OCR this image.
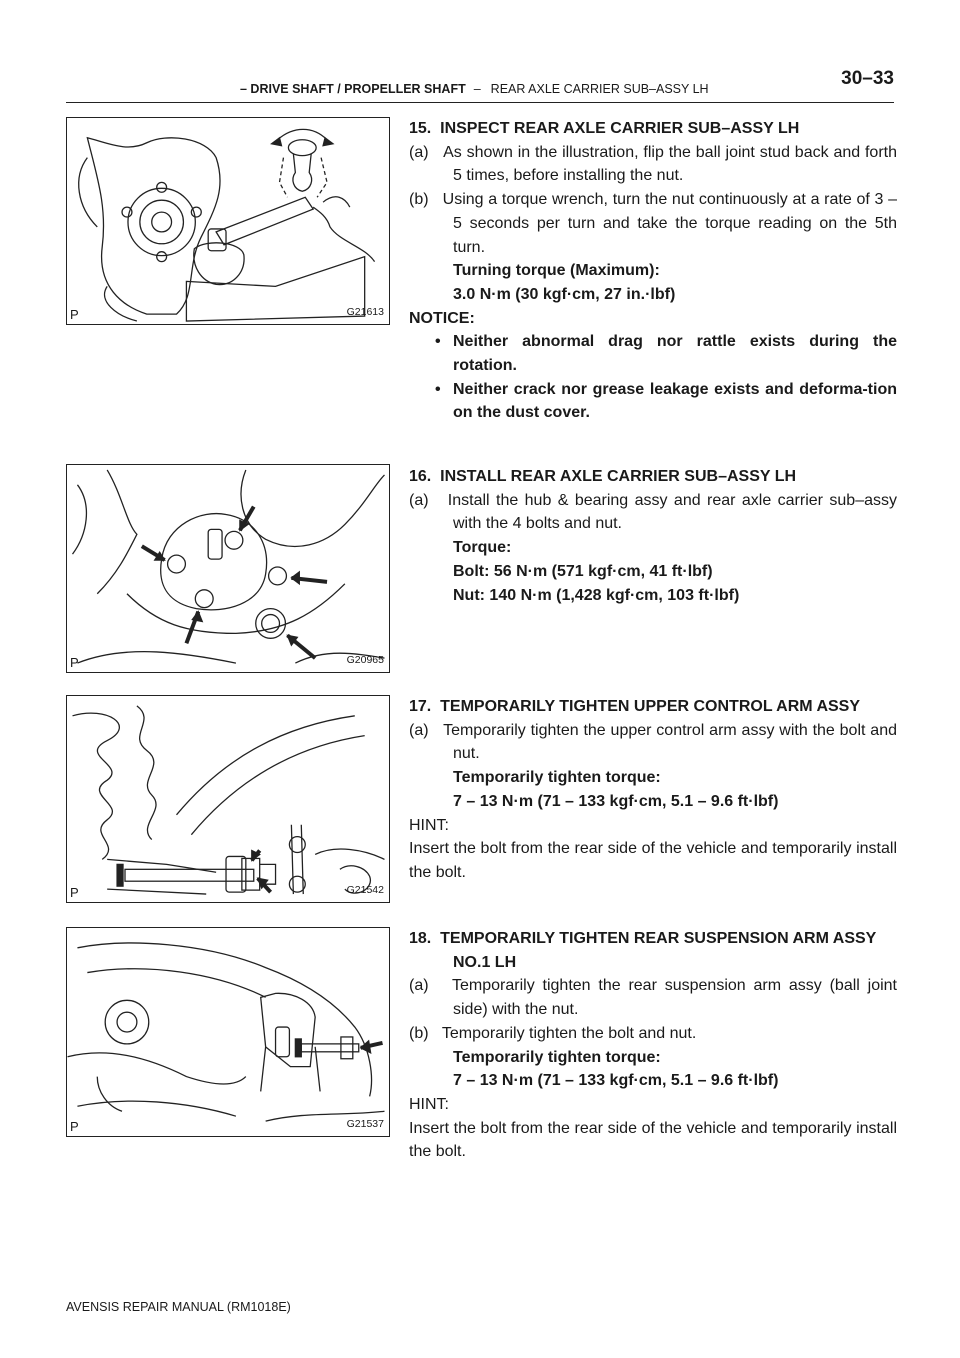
– DRIVE SHAFT / PROPELLER SHAFT – REAR AXLE CARRIER SUB–ASSY LH	30–33
P	G21613
P	G20965
P	G21542
P	G21537

15.  INSPECT REAR AXLE CARRIER SUB–ASSY LH

(a)   As shown in the illustration, flip the ball joint stud back and forth 5 times, before installing the nut.

(b)   Using a torque wrench, turn the nut continuously at a rate of 3 – 5 seconds per turn and take the torque reading on the 5th turn.

Turning torque (Maximum):

3.0 N·m (30 kgf·cm, 27 in.·lbf)

NOTICE:

• Neither abnormal drag nor rattle exists during the rotation.

• Neither crack nor grease leakage exists and deforma-tion on the dust cover.

16.  INSTALL REAR AXLE CARRIER SUB–ASSY LH

(a)   Install the hub & bearing assy and rear axle carrier sub–assy with the 4 bolts and nut.

Torque:

Bolt: 56 N·m (571 kgf·cm, 41 ft·lbf)

Nut: 140 N·m (1,428 kgf·cm, 103 ft·lbf)

17.  TEMPORARILY TIGHTEN UPPER CONTROL ARM ASSY

(a)   Temporarily tighten the upper control arm assy with the bolt and nut.

Temporarily tighten torque:

7 – 13 N·m (71 – 133 kgf·cm, 5.1 – 9.6 ft·lbf)

HINT:

Insert the bolt from the rear side of the vehicle and temporarily install the bolt.

18.  TEMPORARILY TIGHTEN REAR SUSPENSION ARM ASSY NO.1 LH

(a)   Temporarily tighten the rear suspension arm assy (ball joint side) with the nut.

(b)   Temporarily tighten the bolt and nut.

Temporarily tighten torque:

7 – 13 N·m (71 – 133 kgf·cm, 5.1 – 9.6 ft·lbf)

HINT:

Insert the bolt from the rear side of the vehicle and temporarily install the bolt.

AVENSIS REPAIR MANUAL (RM1018E)
